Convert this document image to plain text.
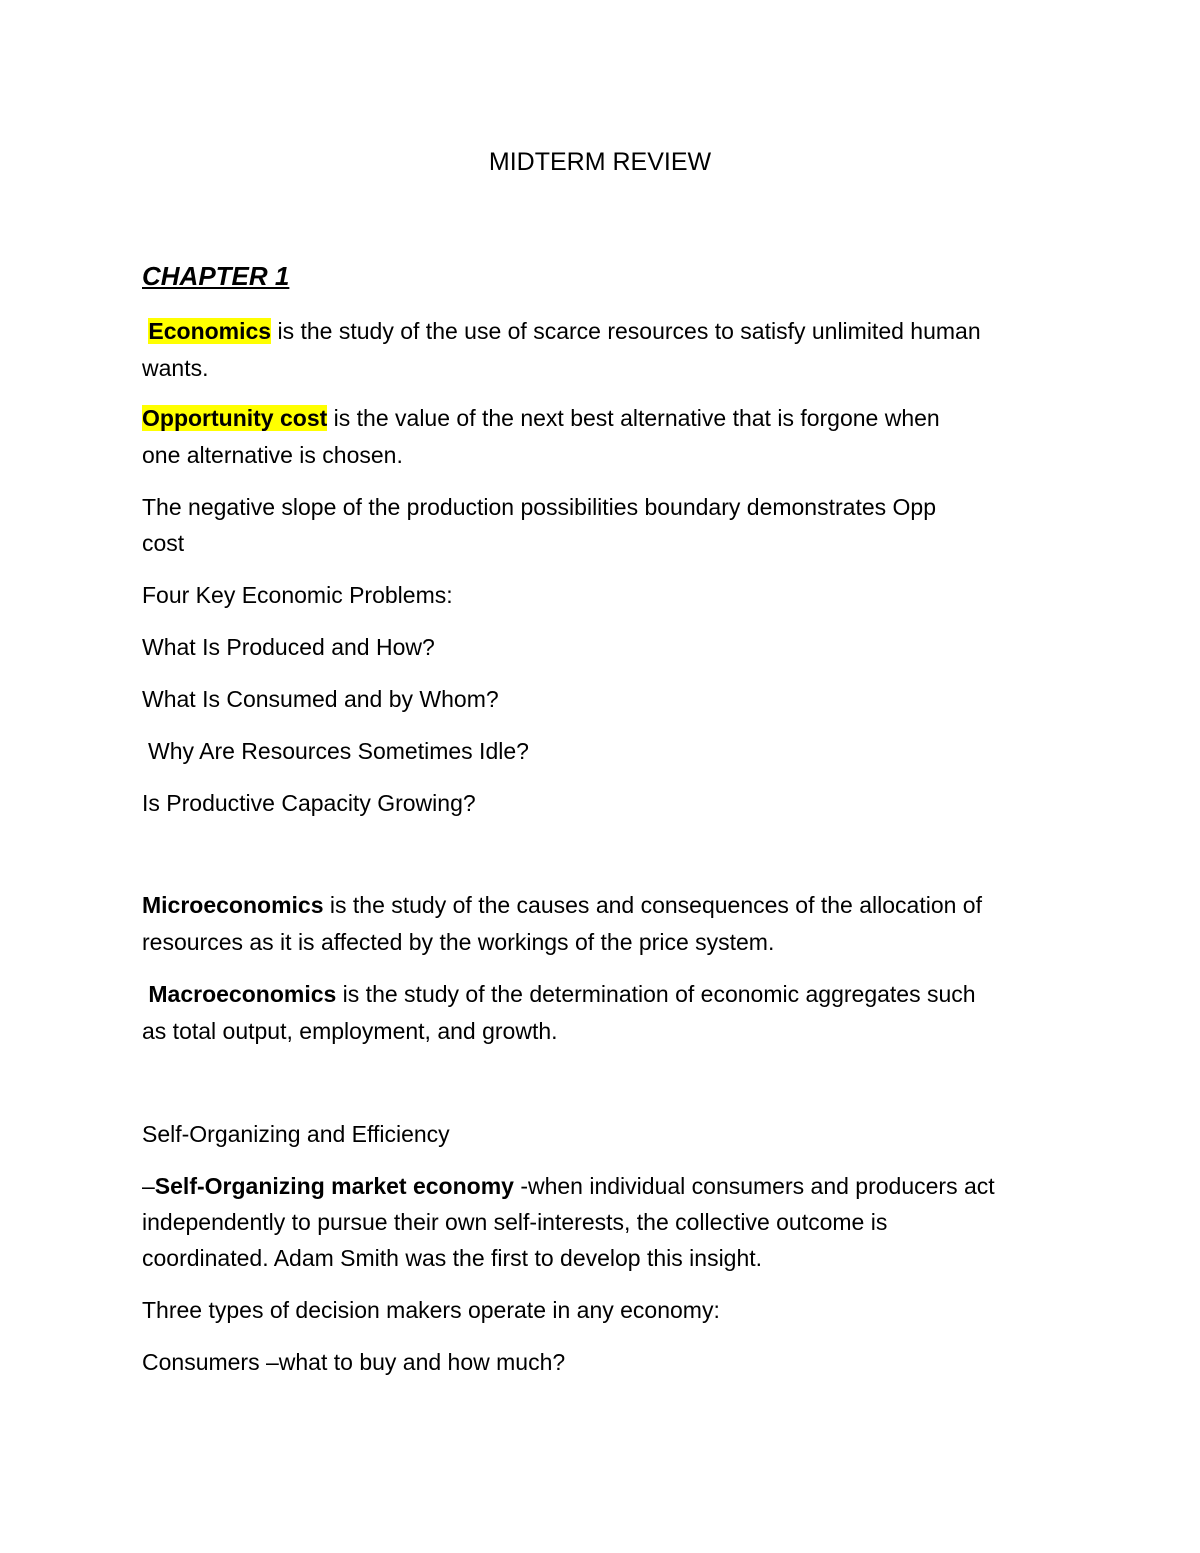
MIDTERM REVIEW
CHAPTER 1
Economics is the study of the use of scarce resources to satisfy unlimited human
wants.
Opportunity cost is the value of the next best alternative that is forgone when
one alternative is chosen.
The negative slope of the production possibilities boundary demonstrates Opp
cost
Four Key Economic Problems:
What Is Produced and How?
What Is Consumed and by Whom?
Why Are Resources Sometimes Idle?
Is Productive Capacity Growing?
Microeconomics is the study of the causes and consequences of the allocation of
resources as it is affected by the workings of the price system.
Macroeconomics is the study of the determination of economic aggregates such
as total output, employment, and growth.
Self-Organizing and Efficiency
–Self-Organizing market economy -when individual consumers and producers act
independently to pursue their own self-interests, the collective outcome is
coordinated. Adam Smith was the first to develop this insight.
Three types of decision makers operate in any economy:
Consumers –what to buy and how much?
